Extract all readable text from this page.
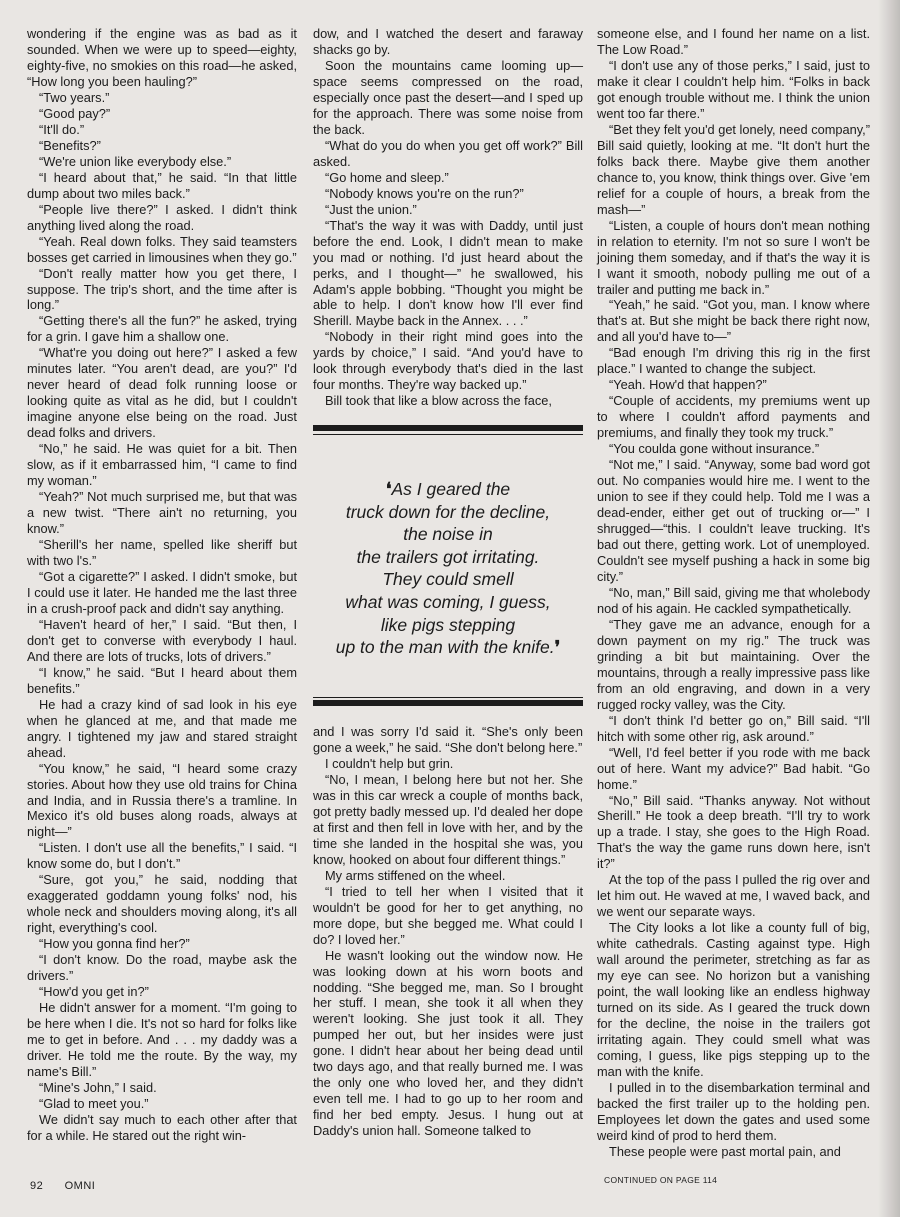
wondering if the engine was as bad as it sounded. When we were up to speed—eighty, eighty-five, no smokies on this road—he asked, “How long you been hauling?”

“Two years.”

“Good pay?”

“It'll do.”

“Benefits?”

“We're union like everybody else.”

“I heard about that,” he said. “In that little dump about two miles back.”

“People live there?” I asked. I didn't think anything lived along the road.

“Yeah. Real down folks. They said teamsters bosses get carried in limousines when they go.”

“Don't really matter how you get there, I suppose. The trip's short, and the time after is long.”

“Getting there's all the fun?” he asked, trying for a grin. I gave him a shallow one.

“What're you doing out here?” I asked a few minutes later. “You aren't dead, are you?” I'd never heard of dead folk running loose or looking quite as vital as he did, but I couldn't imagine anyone else being on the road. Just dead folks and drivers.

“No,” he said. He was quiet for a bit. Then slow, as if it embarrassed him, “I came to find my woman.”

“Yeah?” Not much surprised me, but that was a new twist. “There ain't no returning, you know.”

“Sherill's her name, spelled like sheriff but with two l's.”

“Got a cigarette?” I asked. I didn't smoke, but I could use it later. He handed me the last three in a crush-proof pack and didn't say anything.

“Haven't heard of her,” I said. “But then, I don't get to converse with everybody I haul. And there are lots of trucks, lots of drivers.”

“I know,” he said. “But I heard about them benefits.”

He had a crazy kind of sad look in his eye when he glanced at me, and that made me angry. I tightened my jaw and stared straight ahead.

“You know,” he said, “I heard some crazy stories. About how they use old trains for China and India, and in Russia there's a tramline. In Mexico it's old buses along roads, always at night—”

“Listen. I don't use all the benefits,” I said. “I know some do, but I don't.”

“Sure, got you,” he said, nodding that exaggerated goddamn young folks' nod, his whole neck and shoulders moving along, it's all right, everything's cool.

“How you gonna find her?”

“I don't know. Do the road, maybe ask the drivers.”

“How'd you get in?”

He didn't answer for a moment. “I'm going to be here when I die. It's not so hard for folks like me to get in before. And . . . my daddy was a driver. He told me the route. By the way, my name's Bill.”

“Mine's John,” I said.

“Glad to meet you.”

We didn't say much to each other after that for a while. He stared out the right win-

dow, and I watched the desert and faraway shacks go by.

Soon the mountains came looming up—space seems compressed on the road, especially once past the desert—and I sped up for the approach. There was some noise from the back.

“What do you do when you get off work?” Bill asked.

“Go home and sleep.”

“Nobody knows you're on the run?”

“Just the union.”

“That's the way it was with Daddy, until just before the end. Look, I didn't mean to make you mad or nothing. I'd just heard about the perks, and I thought—” he swallowed, his Adam's apple bobbing. “Thought you might be able to help. I don't know how I'll ever find Sherill. Maybe back in the Annex. . . .”

“Nobody in their right mind goes into the yards by choice,” I said. “And you'd have to look through everybody that's died in the last four months. They're way backed up.”

Bill took that like a blow across the face,

❛As I geared the
truck down for the decline,
the noise in
the trailers got irritating.
They could smell
what was coming, I guess,
like pigs stepping
up to the man with the knife.❜

and I was sorry I'd said it. “She's only been gone a week,” he said. “She don't belong here.”

I couldn't help but grin.

“No, I mean, I belong here but not her. She was in this car wreck a couple of months back, got pretty badly messed up. I'd dealed her dope at first and then fell in love with her, and by the time she landed in the hospital she was, you know, hooked on about four different things.”

My arms stiffened on the wheel.

“I tried to tell her when I visited that it wouldn't be good for her to get anything, no more dope, but she begged me. What could I do? I loved her.”

He wasn't looking out the window now. He was looking down at his worn boots and nodding. “She begged me, man. So I brought her stuff. I mean, she took it all when they weren't looking. She just took it all. They pumped her out, but her insides were just gone. I didn't hear about her being dead until two days ago, and that really burned me. I was the only one who loved her, and they didn't even tell me. I had to go up to her room and find her bed empty. Jesus. I hung out at Daddy's union hall. Someone talked to

someone else, and I found her name on a list. The Low Road.”

“I don't use any of those perks,” I said, just to make it clear I couldn't help him. “Folks in back got enough trouble without me. I think the union went too far there.”

“Bet they felt you'd get lonely, need company,” Bill said quietly, looking at me. “It don't hurt the folks back there. Maybe give them another chance to, you know, think things over. Give 'em relief for a couple of hours, a break from the mash—”

“Listen, a couple of hours don't mean nothing in relation to eternity. I'm not so sure I won't be joining them someday, and if that's the way it is I want it smooth, nobody pulling me out of a trailer and putting me back in.”

“Yeah,” he said. “Got you, man. I know where that's at. But she might be back there right now, and all you'd have to—”

“Bad enough I'm driving this rig in the first place.” I wanted to change the subject.

“Yeah. How'd that happen?”

“Couple of accidents, my premiums went up to where I couldn't afford payments and premiums, and finally they took my truck.”

“You coulda gone without insurance.”

“Not me,” I said. “Anyway, some bad word got out. No companies would hire me. I went to the union to see if they could help. Told me I was a dead-ender, either get out of trucking or—” I shrugged—“this. I couldn't leave trucking. It's bad out there, getting work. Lot of unemployed. Couldn't see myself pushing a hack in some big city.”

“No, man,” Bill said, giving me that wholebody nod of his again. He cackled sympathetically.

“They gave me an advance, enough for a down payment on my rig.” The truck was grinding a bit but maintaining. Over the mountains, through a really impressive pass like from an old engraving, and down in a very rugged rocky valley, was the City.

“I don't think I'd better go on,” Bill said. “I'll hitch with some other rig, ask around.”

“Well, I'd feel better if you rode with me back out of here. Want my advice?” Bad habit. “Go home.”

“No,” Bill said. “Thanks anyway. Not without Sherill.” He took a deep breath. “I'll try to work up a trade. I stay, she goes to the High Road. That's the way the game runs down here, isn't it?”

At the top of the pass I pulled the rig over and let him out. He waved at me, I waved back, and we went our separate ways.

The City looks a lot like a county full of big, white cathedrals. Casting against type. High wall around the perimeter, stretching as far as my eye can see. No horizon but a vanishing point, the wall looking like an endless highway turned on its side. As I geared the truck down for the decline, the noise in the trailers got irritating again. They could smell what was coming, I guess, like pigs stepping up to the man with the knife.

I pulled in to the disembarkation terminal and backed the first trailer up to the holding pen. Employees let down the gates and used some weird kind of prod to herd them.

These people were past mortal pain, and

92 OMNI	CONTINUED ON PAGE 114
